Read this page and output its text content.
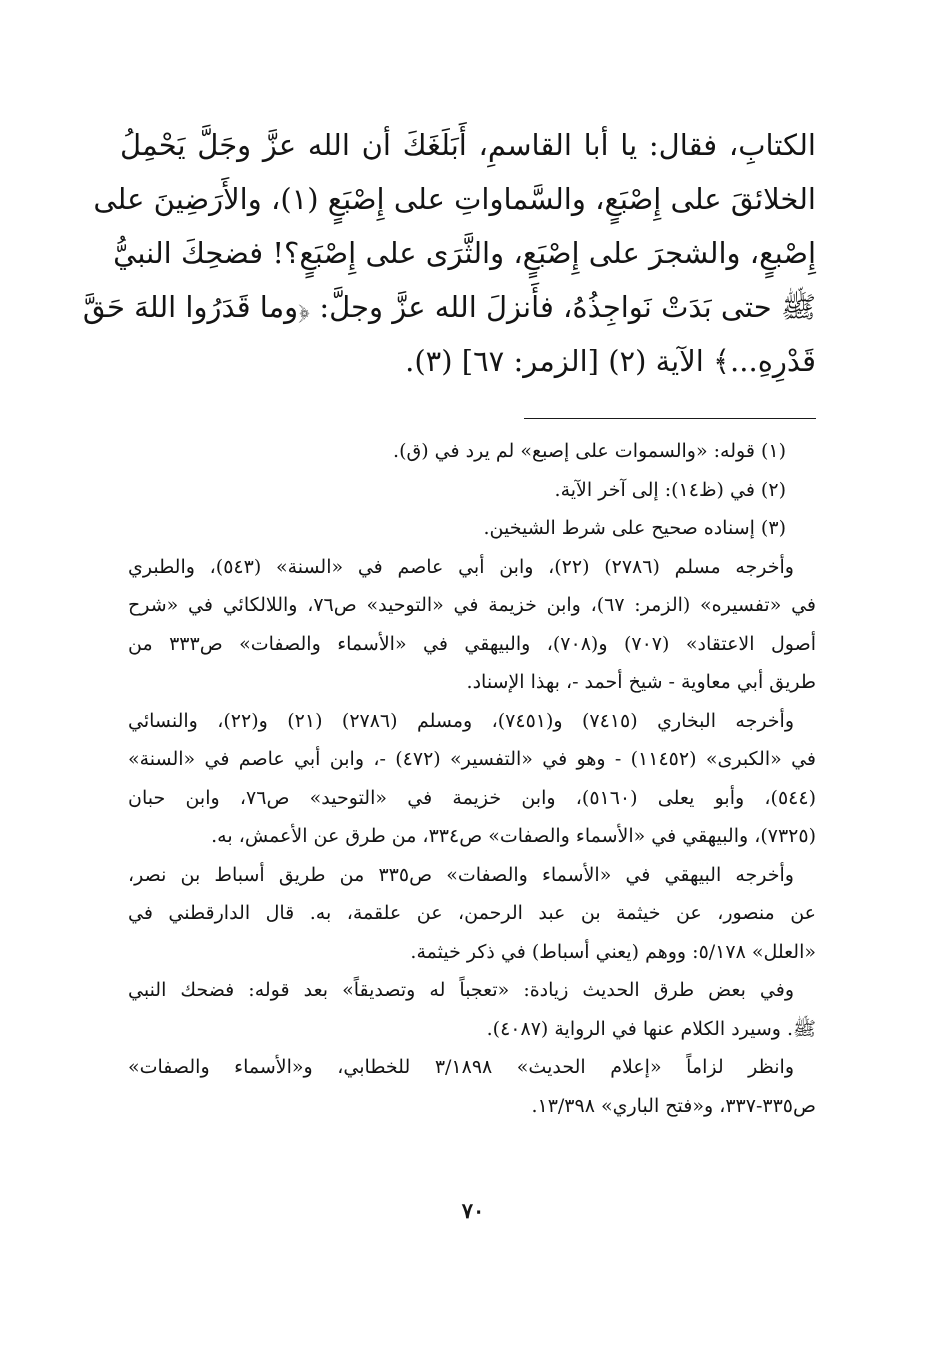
الكتابِ، فقال: يا أبا القاسمِ، أَبَلَغَكَ أن الله عزَّ وجَلَّ يَحْمِلُ
الخلائقَ على إِصْبَعٍ، والسَّماواتِ على إِصْبَعٍ (١)، والأَرَضِينَ على
إِصْبعٍ، والشجرَ على إِصْبَعٍ، والثَّرَى على إِصْبَعٍ؟! فضحِكَ النبيُّ
ﷺ حتى بَدَتْ نَواجِذُهُ، فأَنزلَ الله عزَّ وجلَّ: ﴿وما قَدَرُوا اللهَ حَقَّ
قَدْرِهِ...﴾ الآية (٢) [الزمر: ٦٧] (٣).
(١) قوله: «والسموات على إصبع» لم يرد في (ق).
(٢) في (ظ١٤): إلى آخر الآية.
(٣) إسناده صحيح على شرط الشيخين.
وأخرجه مسلم (٢٧٨٦) (٢٢)، وابن أبي عاصم في «السنة» (٥٤٣)، والطبري
في «تفسيره» (الزمر: ٦٧)، وابن خزيمة في «التوحيد» ص٧٦، واللالكائي في «شرح
أصول الاعتقاد» (٧٠٧) و(٧٠٨)، والبيهقي في «الأسماء والصفات» ص٣٣٣ من
طريق أبي معاوية - شيخ أحمد -، بهذا الإسناد.
وأخرجه البخاري (٧٤١٥) و(٧٤٥١)، ومسلم (٢٧٨٦) (٢١) و(٢٢)، والنسائي
في «الكبرى» (١١٤٥٢) - وهو في «التفسير» (٤٧٢) -، وابن أبي عاصم في «السنة»
(٥٤٤)، وأبو يعلى (٥١٦٠)، وابن خزيمة في «التوحيد» ص٧٦، وابن حبان
(٧٣٢٥)، والبيهقي في «الأسماء والصفات» ص٣٣٤، من طرق عن الأعمش، به.
وأخرجه البيهقي في «الأسماء والصفات» ص٣٣٥ من طريق أسباط بن نصر،
عن منصور، عن خيثمة بن عبد الرحمن، عن علقمة، به. قال الدارقطني في
«العلل» ٥/١٧٨: ووهم (يعني أسباط) في ذكر خيثمة.
وفي بعض طرق الحديث زيادة: «تعجباً له وتصديقاً» بعد قوله: فضحك النبي
ﷺ. وسيرد الكلام عنها في الرواية (٤٠٨٧).
وانظر لزاماً «إعلام الحديث» ٣/١٨٩٨ للخطابي، و«الأسماء والصفات»
ص٣٣٥-٣٣٧، و«فتح الباري» ١٣/٣٩٨.
٧٠
